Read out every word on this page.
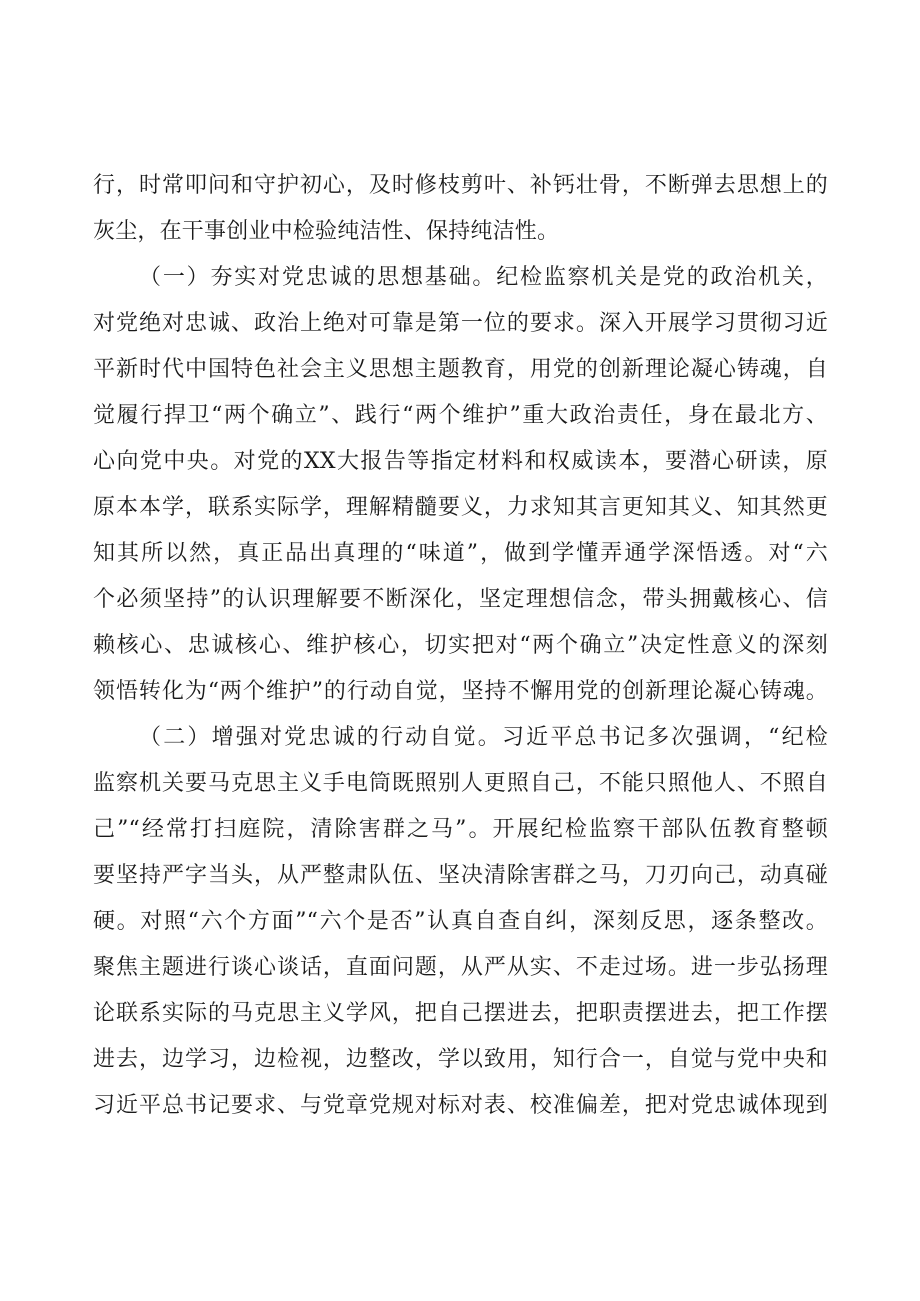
行，时常叩问和守护初心，及时修枝剪叶、补钙壮骨，不断弹去思想上的
灰尘，在干事创业中检验纯洁性、保持纯洁性。
（一）夯实对党忠诚的思想基础。纪检监察机关是党的政治机关，
对党绝对忠诚、政治上绝对可靠是第一位的要求。深入开展学习贯彻习近
平新时代中国特色社会主义思想主题教育，用党的创新理论凝心铸魂，自
觉履行捍卫“两个确立”、践行“两个维护”重大政治责任，身在最北方、
心向党中央。对党的XX大报告等指定材料和权威读本，要潜心研读，原
原本本学，联系实际学，理解精髓要义，力求知其言更知其义、知其然更
知其所以然，真正品出真理的“味道”，做到学懂弄通学深悟透。对“六
个必须坚持”的认识理解要不断深化，坚定理想信念，带头拥戴核心、信
赖核心、忠诚核心、维护核心，切实把对“两个确立”决定性意义的深刻
领悟转化为“两个维护”的行动自觉，坚持不懈用党的创新理论凝心铸魂。
（二）增强对党忠诚的行动自觉。习近平总书记多次强调，“纪检
监察机关要马克思主义手电筒既照别人更照自己，不能只照他人、不照自
己”“经常打扫庭院，清除害群之马”。开展纪检监察干部队伍教育整顿
要坚持严字当头，从严整肃队伍、坚决清除害群之马，刀刃向己，动真碰
硬。对照“六个方面”“六个是否”认真自查自纠，深刻反思，逐条整改。
聚焦主题进行谈心谈话，直面问题，从严从实、不走过场。进一步弘扬理
论联系实际的马克思主义学风，把自己摆进去，把职责摆进去，把工作摆
进去，边学习，边检视，边整改，学以致用，知行合一，自觉与党中央和
习近平总书记要求、与党章党规对标对表、校准偏差，把对党忠诚体现到
